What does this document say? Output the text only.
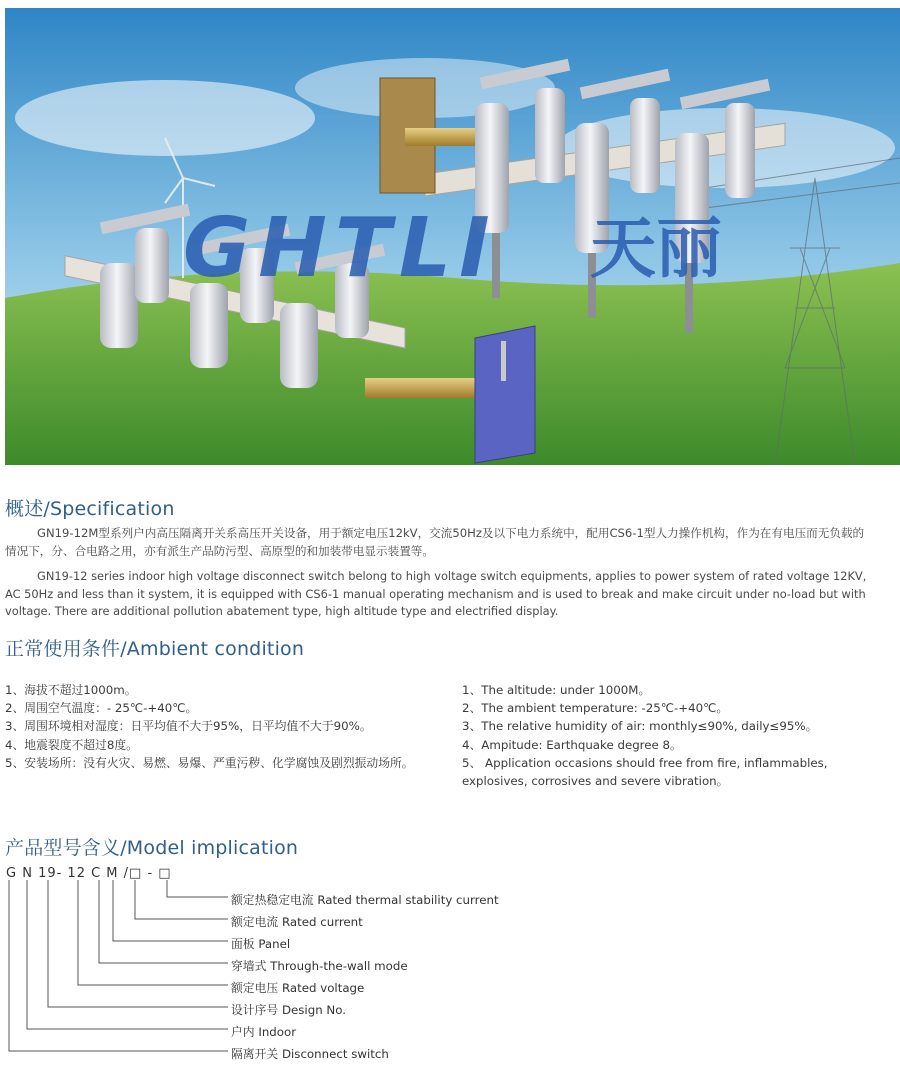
GHTLI 天丽
概述/Specification

GN19-12M型系列户内高压隔离开关系高压开关设备，用于额定电压12kV，交流50Hz及以下电力系统中，配用CS6-1型人力操作机构，作为在有电压而无负载的情况下，分、合电路之用，亦有派生产品防污型、高原型的和加装带电显示装置等。

GN19-12 series indoor high voltage disconnect switch belong to high voltage switch equipments, applies to power system of rated voltage 12KV, AC 50Hz and less than it system, it is equipped with CS6-1 manual operating mechanism and is used to break and make circuit under no-load but with voltage. There are additional pollution abatement type, high altitude type and electrified display.

正常使用条件/Ambient condition
1、海拔不超过1000m。
2、周围空气温度：- 25℃-+40℃。
3、周围环境相对湿度：日平均值不大于95%，日平均值不大于90%。
4、地震裂度不超过8度。
5、安装场所：没有火灾、易燃、易爆、严重污秽、化学腐蚀及剧烈振动场所。
1、The altitude: under 1000M。
2、The ambient temperature: -25℃-+40℃。
3、The relative humidity of air: monthly≤90%, daily≤95%。
4、Ampitude: Earthquake degree 8。
5、 Application occasions should free from fire, inflammables, explosives, corrosives and severe vibration。
产品型号含义/Model implication
G N 19- 12 C M /□ - □
额定热稳定电流 Rated thermal stability current
额定电流 Rated current
面板 Panel
穿墙式 Through-the-wall mode
额定电压 Rated voltage
设计序号 Design No.
户内 Indoor
隔离开关 Disconnect switch
